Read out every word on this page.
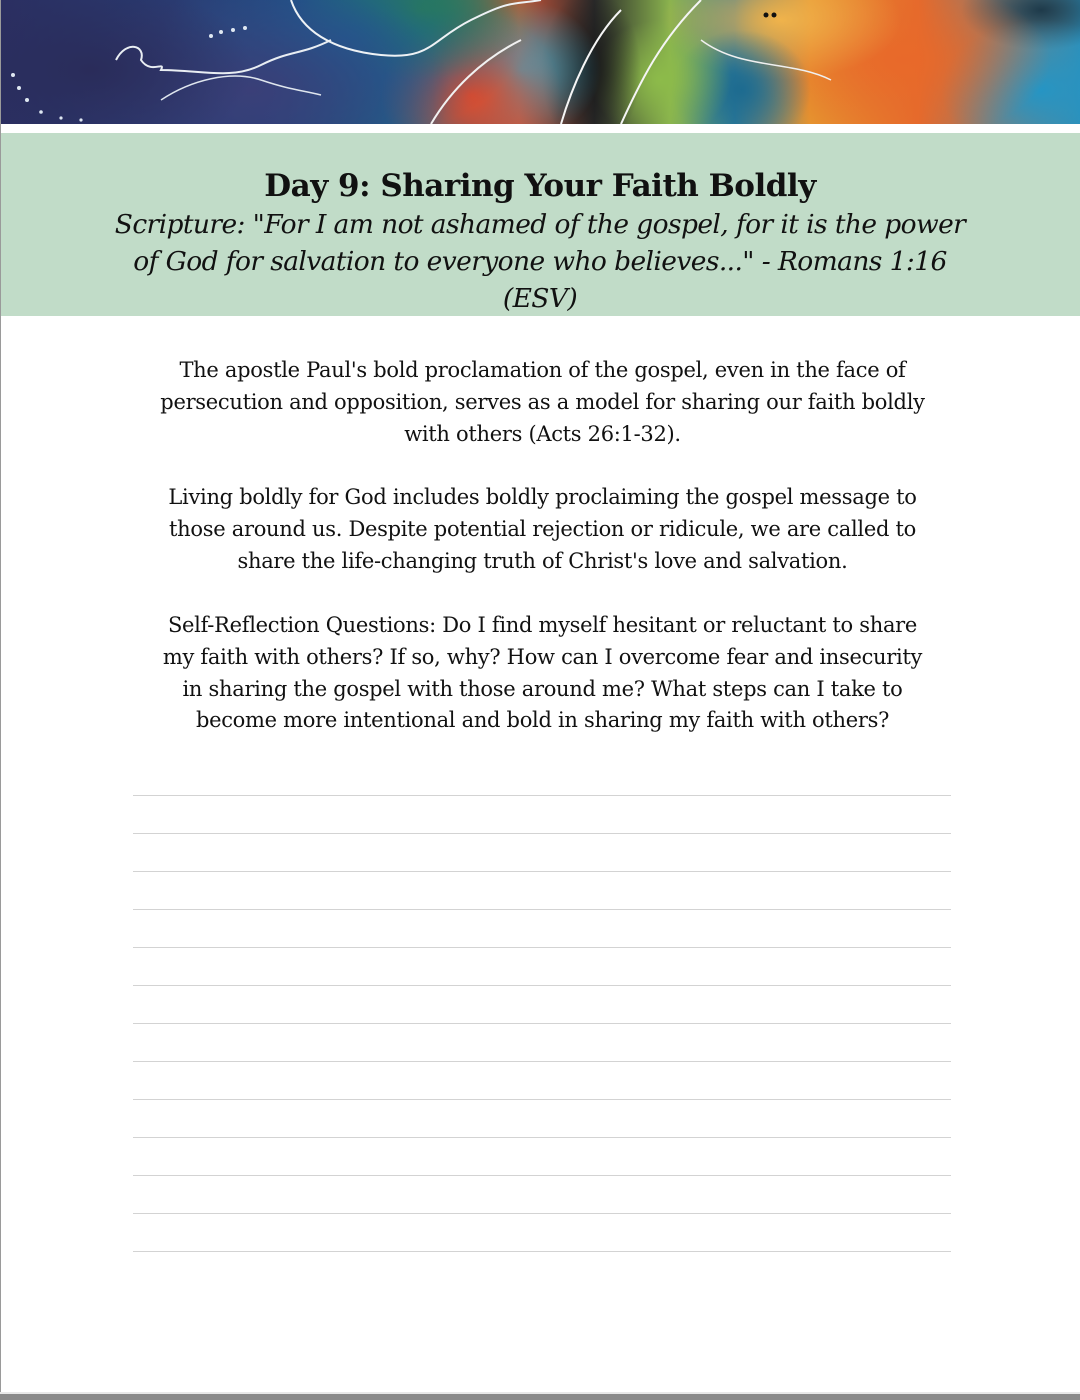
Day 9: Sharing Your Faith Boldly
Scripture: "For I am not ashamed of the gospel, for it is the power of God for salvation to everyone who believes..." - Romans 1:16 (ESV)

The apostle Paul's bold proclamation of the gospel, even in the face of persecution and opposition, serves as a model for sharing our faith boldly with others (Acts 26:1-32).

Living boldly for God includes boldly proclaiming the gospel message to those around us. Despite potential rejection or ridicule, we are called to share the life-changing truth of Christ's love and salvation.

Self-Reflection Questions: Do I find myself hesitant or reluctant to share my faith with others? If so, why? How can I overcome fear and insecurity in sharing the gospel with those around me? What steps can I take to become more intentional and bold in sharing my faith with others?
